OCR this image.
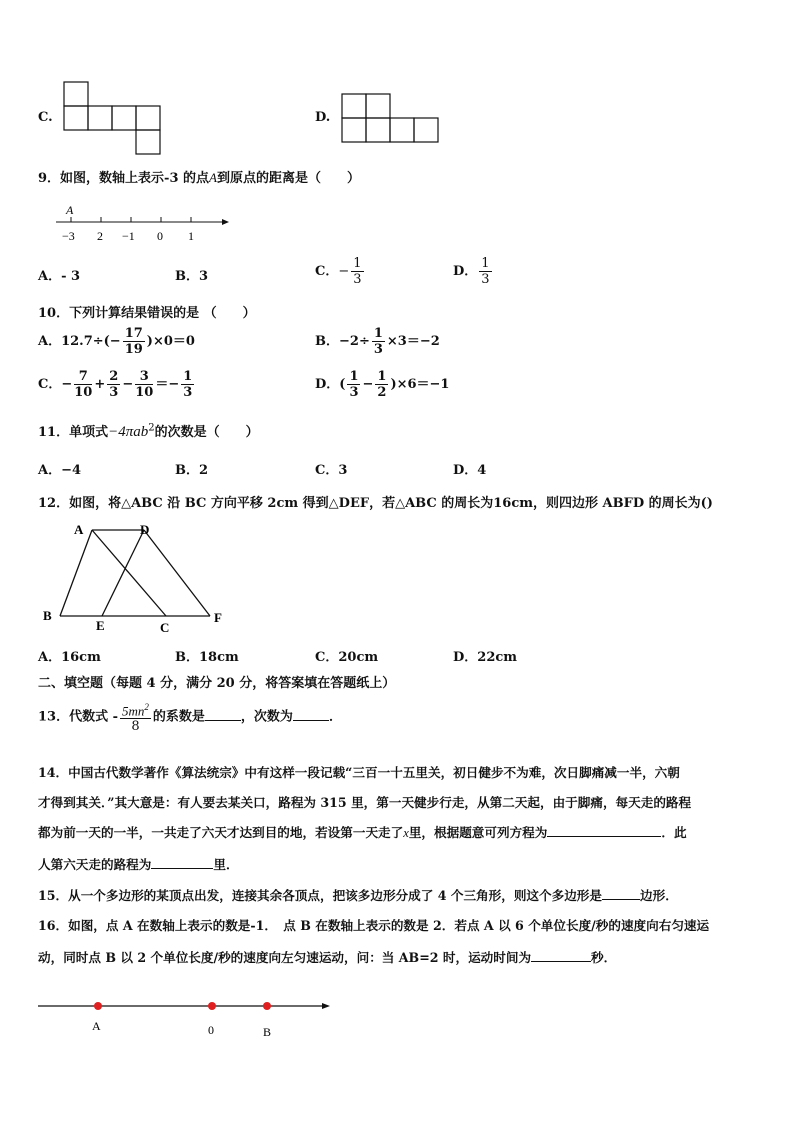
C.	D.
9．如图，数轴上表示-3 的点A到原点的距离是（　　）
A
−3 2 −1 0 1
A．- 3	B．3	C．− $\frac{1}{3}$	D． $\frac{1}{3}$
10．下列计算结果错误的是 （　　）
A．$12.7\div(- \frac{17}{19} )\times 0=0$	B．$-2\div \frac{1}{3} \times 3=-2$
C．− $\frac{7}{10} + \frac{2}{3} - \frac{3}{10} =- \frac{1}{3}$	D．( $\frac{1}{3} - \frac{1}{2} )\times 6=-1$
11．单项式−4πab$^2$的次数是（　　）
A．−4	B．2	C．3	D．4
12．如图，将△ABC 沿 BC 方向平移 2cm 得到△DEF，若△ABC 的周长为16cm，则四边形 ABFD 的周长为()
A	D
B
E	C
F
A．16cm	B．18cm	C．20cm	D．22cm
二、填空题（每题 4 分，满分 20 分，将答案填在答题纸上）
13．代数式 - $\frac{5mn^2}{8}$ 的系数是	，次数为	．
14．中国古代数学著作《算法统宗》中有这样一段记载“三百一十五里关，初日健步不为难，次日脚痛减一半，六朝
才得到其关．”其大意是：有人要去某关口，路程为 315 里，第一天健步行走，从第二天起，由于脚痛，每天走的路程
都为前一天的一半，一共走了六天才达到目的地，若设第一天走了x里，根据题意可列方程为	．此
人第六天走的路程为	里．
15．从一个多边形的某顶点出发，连接其余各顶点，把该多边形分成了 4 个三角形，则这个多边形是	边形．
16．如图，点 A 在数轴上表示的数是-1．　点 B 在数轴上表示的数是 2．若点 A 以 6 个单位长度/秒的速度向右匀速运
动，同时点 B 以 2 个单位长度/秒的速度向左匀速运动，问：当 AB=2 时，运动时间为	秒．
A	0	B
